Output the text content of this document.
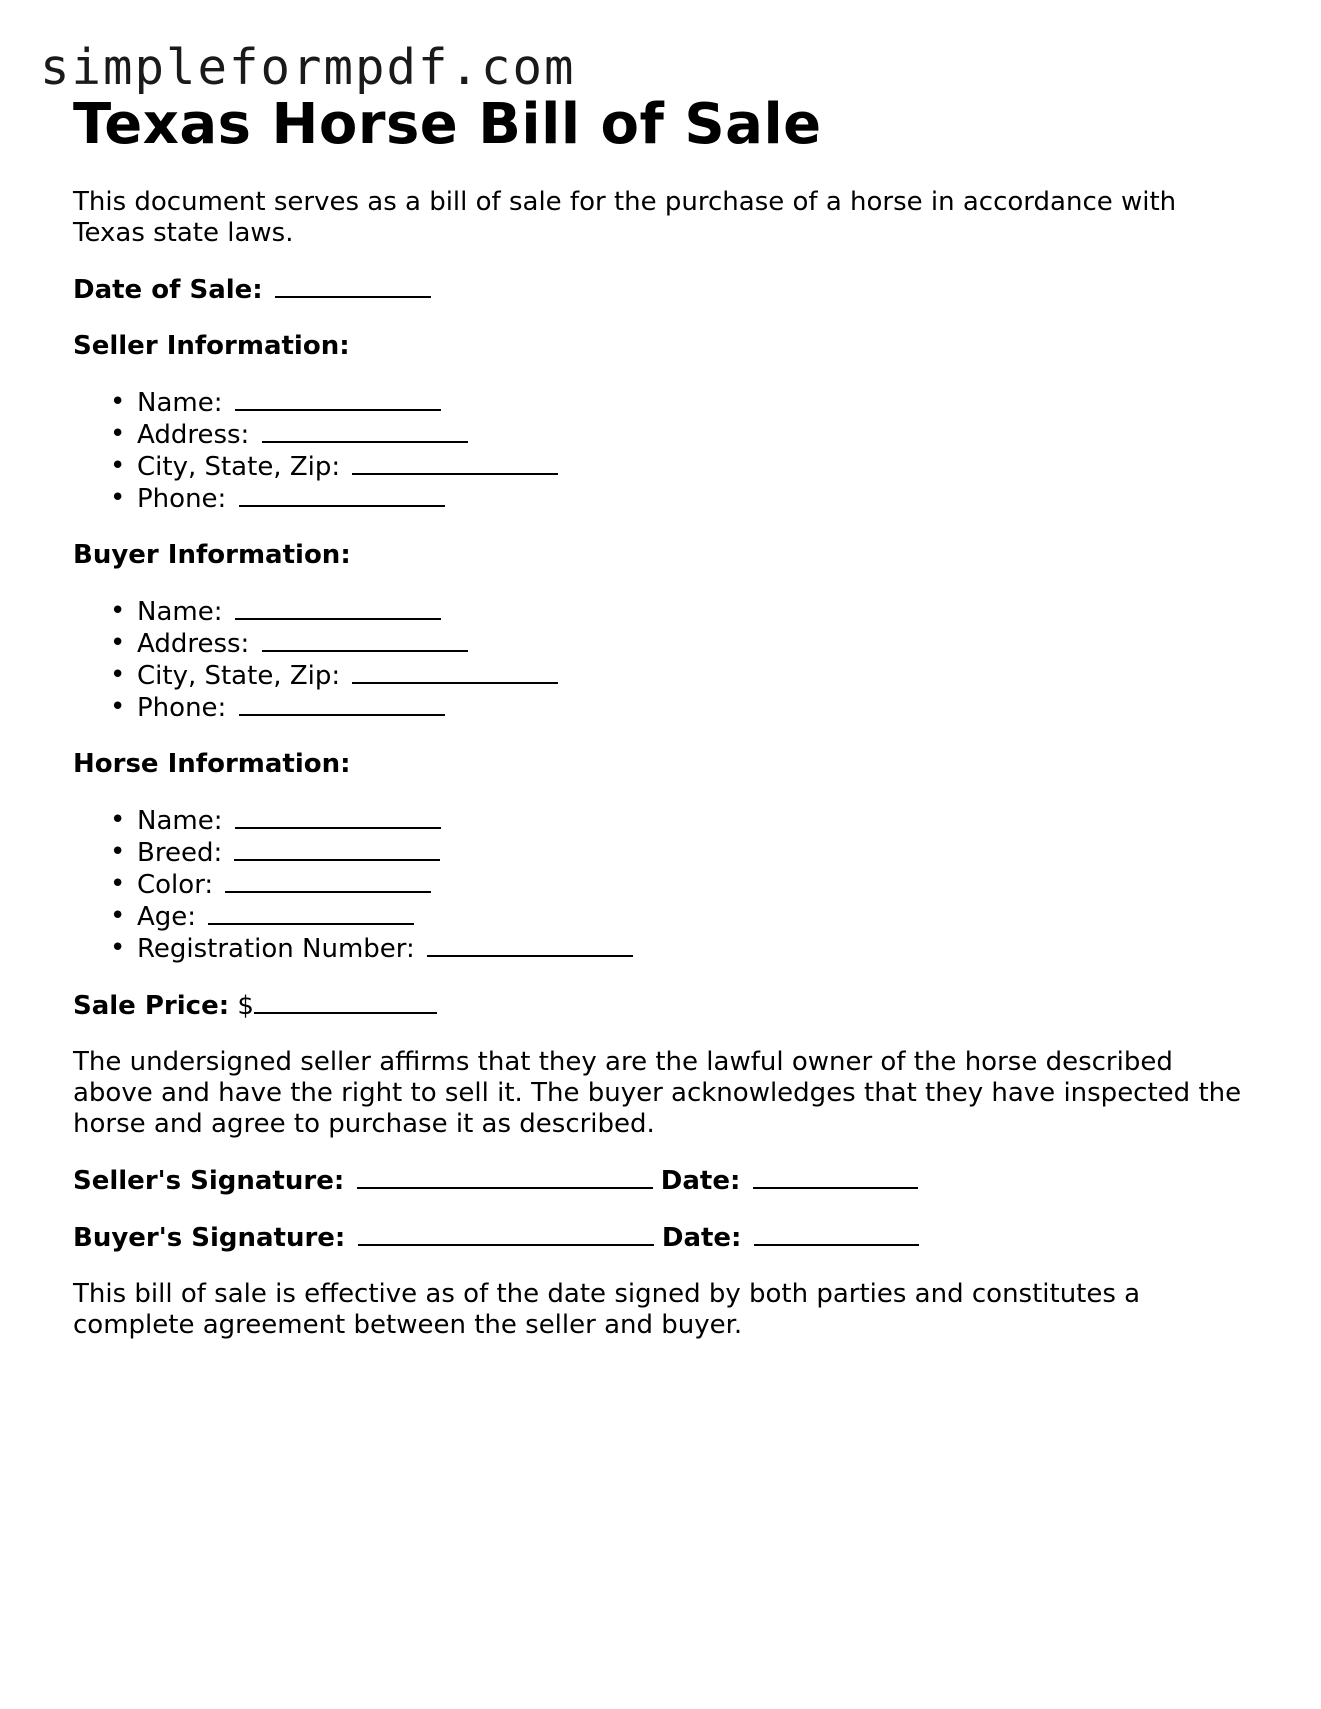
simpleformpdf.com
Texas Horse Bill of Sale

This document serves as a bill of sale for the purchase of a horse in accordance with Texas state laws.

Date of Sale:

Seller Information:

• Name:
• Address:
• City, State, Zip:
• Phone:

Buyer Information:

• Name:
• Address:
• City, State, Zip:
• Phone:

Horse Information:

• Name:
• Breed:
• Color:
• Age:
• Registration Number:

Sale Price: $

The undersigned seller affirms that they are the lawful owner of the horse described above and have the right to sell it. The buyer acknowledges that they have inspected the horse and agree to purchase it as described.

Seller's Signature:	Date:

Buyer's Signature:	Date:

This bill of sale is effective as of the date signed by both parties and constitutes a complete agreement between the seller and buyer.
